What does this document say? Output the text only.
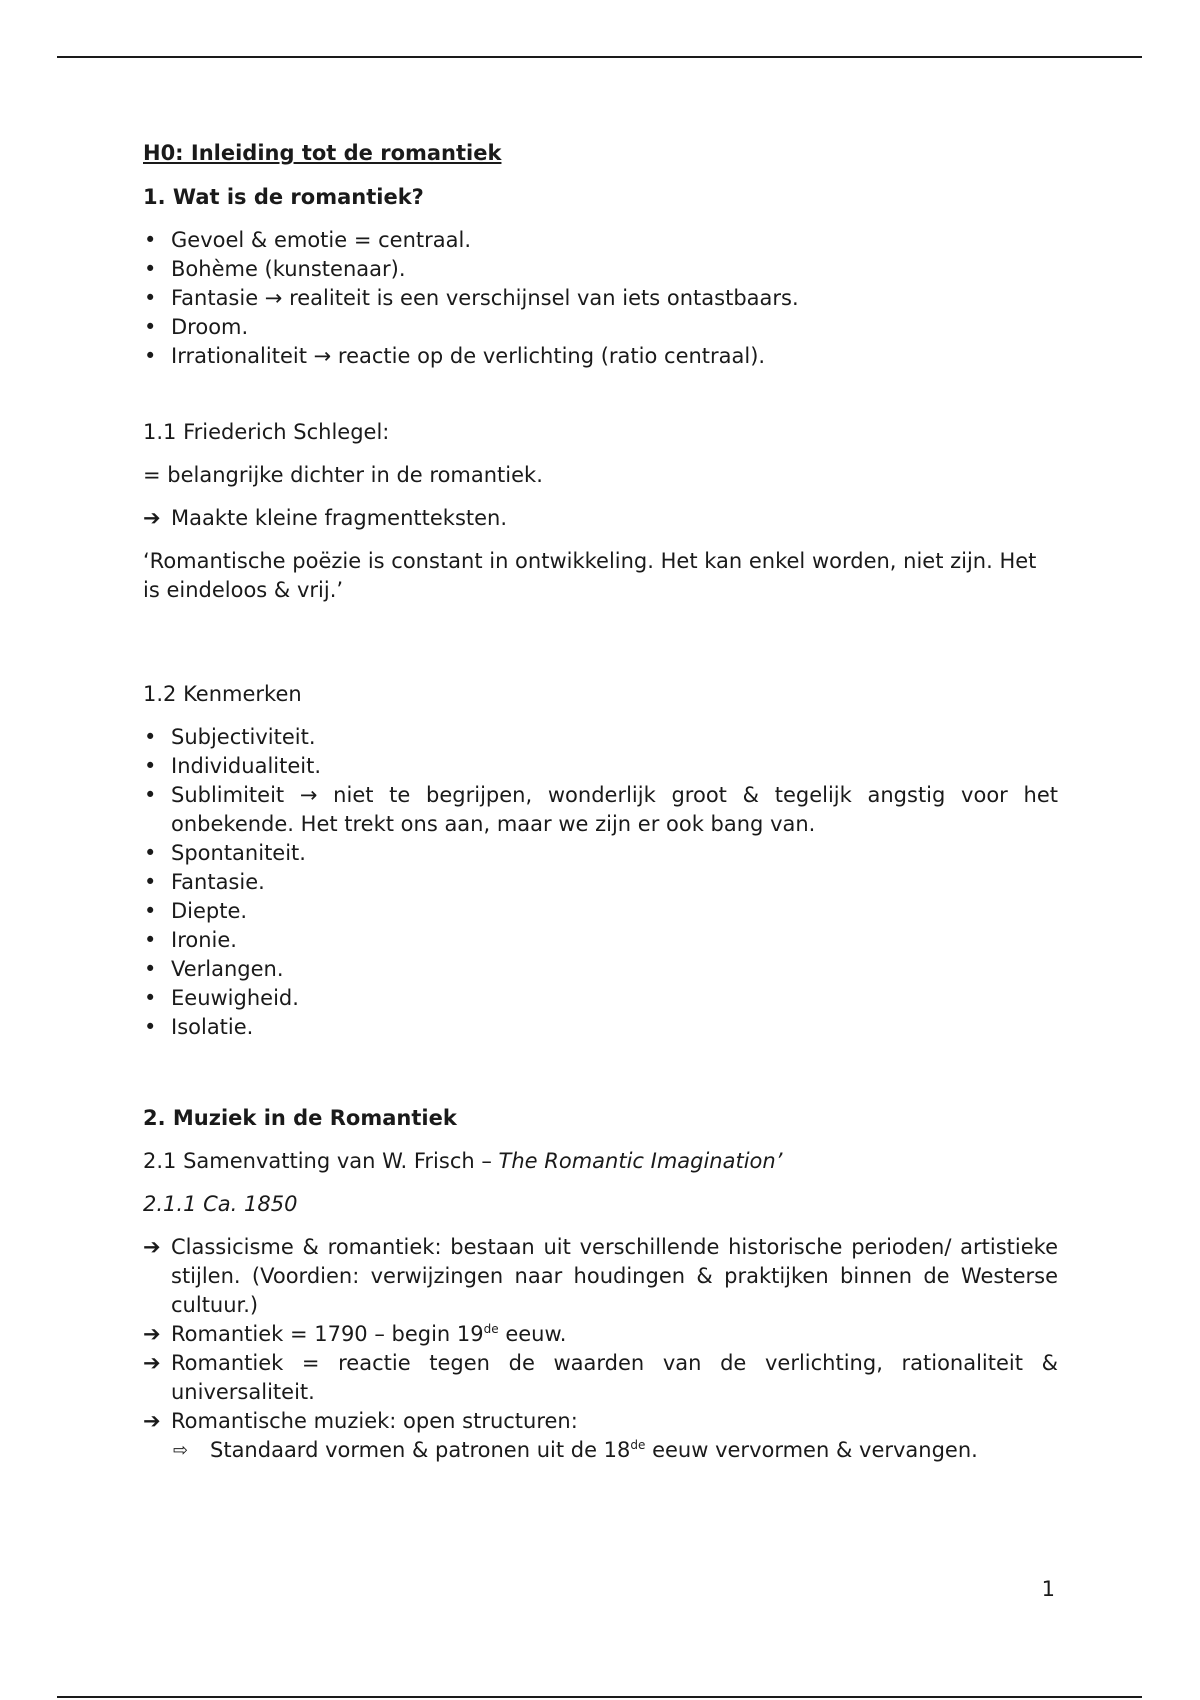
H0: Inleiding tot de romantiek

1. Wat is de romantiek?

• Gevoel & emotie = centraal.
• Bohème (kunstenaar).
• Fantasie → realiteit is een verschijnsel van iets ontastbaars.
• Droom.
• Irrationaliteit → reactie op de verlichting (ratio centraal).

1.1 Friederich Schlegel:

= belangrijke dichter in de romantiek.

➔ Maakte kleine fragmentteksten.

‘Romantische poëzie is constant in ontwikkeling. Het kan enkel worden, niet zijn. Het is eindeloos & vrij.’

1.2 Kenmerken

• Subjectiviteit.
• Individualiteit.
• Sublimiteit → niet te begrijpen, wonderlijk groot & tegelijk angstig voor het onbekende. Het trekt ons aan, maar we zijn er ook bang van.
• Spontaniteit.
• Fantasie.
• Diepte.
• Ironie.
• Verlangen.
• Eeuwigheid.
• Isolatie.

2. Muziek in de Romantiek

2.1 Samenvatting van W. Frisch – The Romantic Imagination’

2.1.1 Ca. 1850

➔ Classicisme & romantiek: bestaan uit verschillende historische perioden/ artistieke stijlen. (Voordien: verwijzingen naar houdingen & praktijken binnen de Westerse cultuur.)
➔ Romantiek = 1790 – begin 19de eeuw.
➔ Romantiek = reactie tegen de waarden van de verlichting, rationaliteit & universaliteit.
➔ Romantische muziek: open structuren:
⇨ Standaard vormen & patronen uit de 18de eeuw vervormen & vervangen.
1
